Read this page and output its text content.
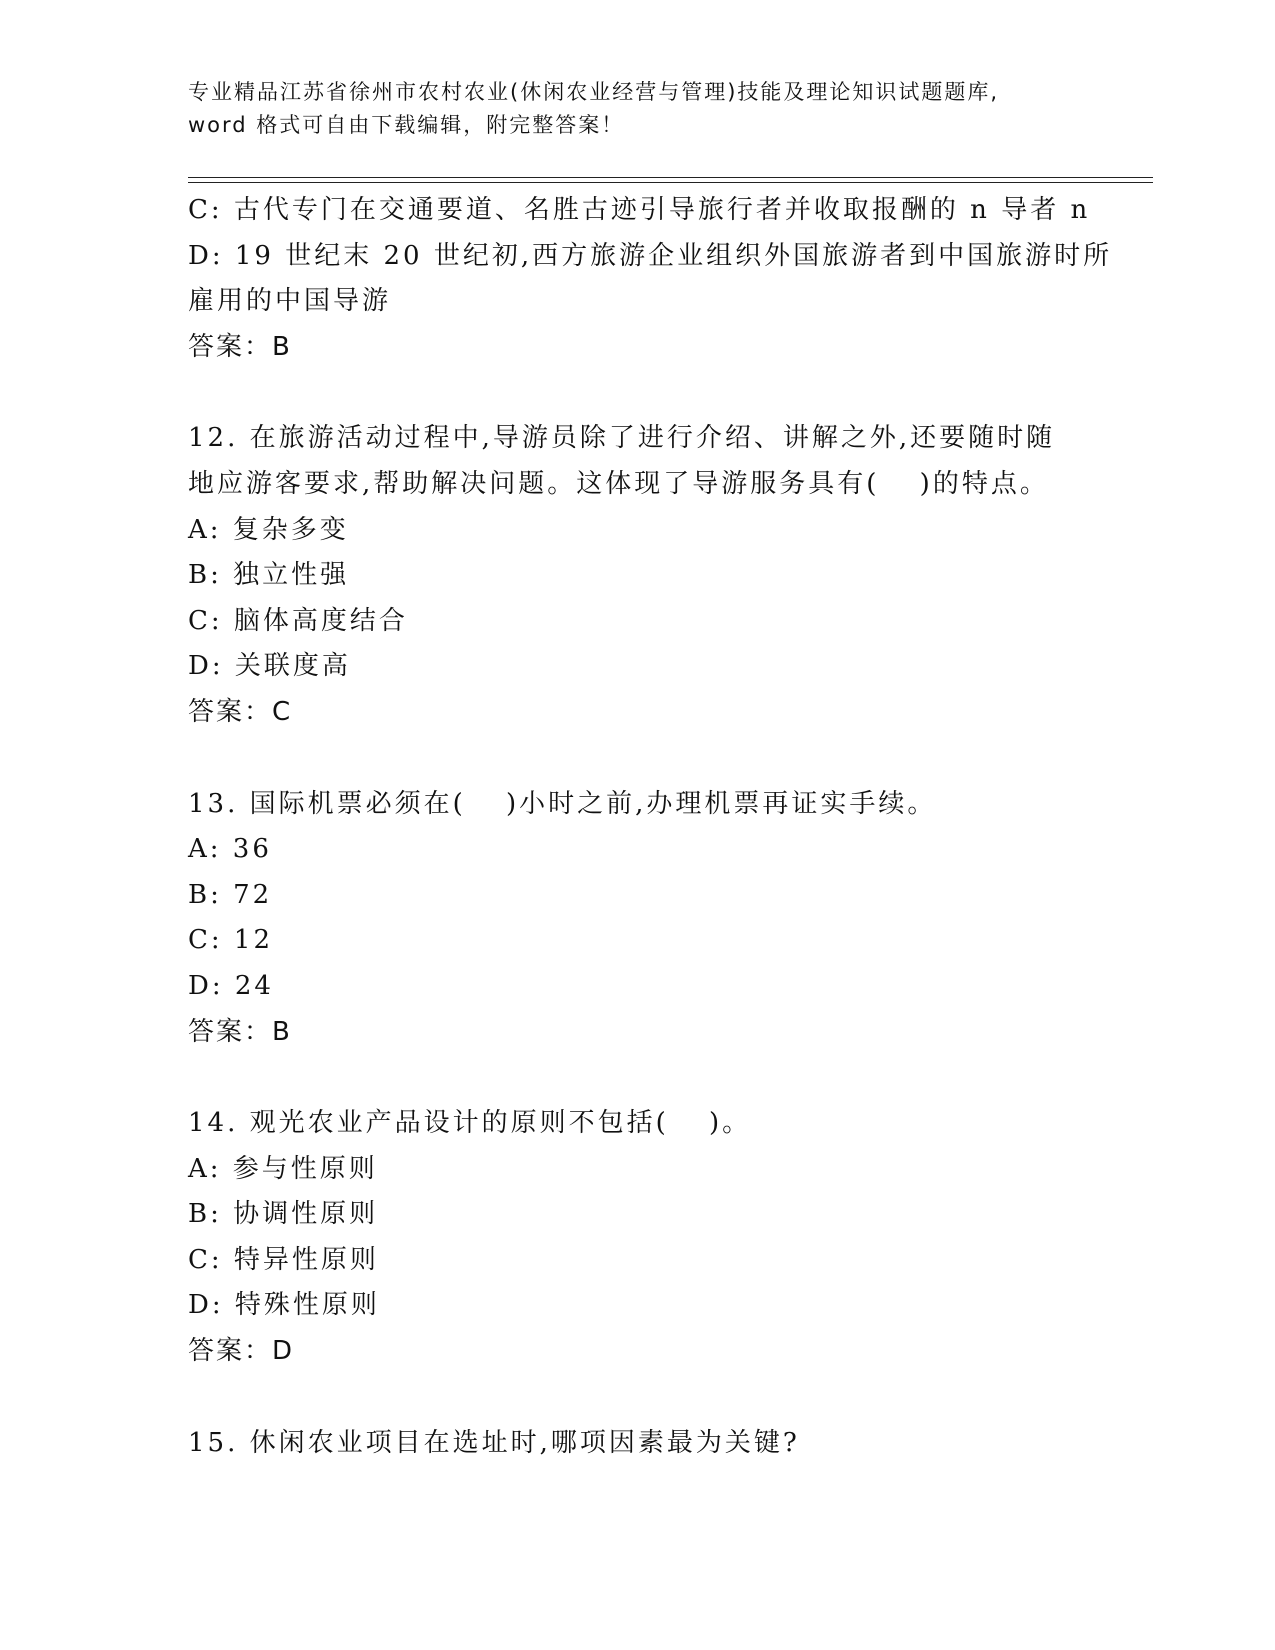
专业精品江苏省徐州市农村农业(休闲农业经营与管理)技能及理论知识试题题库,
word 格式可自由下载编辑，附完整答案！
C: 古代专门在交通要道、名胜古迹引导旅行者并收取报酬的 n 导者 n
D: 19 世纪末 20 世纪初,西方旅游企业组织外国旅游者到中国旅游时所
雇用的中国导游
答案：B
12. 在旅游活动过程中,导游员除了进行介绍、讲解之外,还要随时随
地应游客要求,帮助解决问题。这体现了导游服务具有(　 )的特点。
A: 复杂多变
B: 独立性强
C: 脑体高度结合
D: 关联度高
答案：C
13. 国际机票必须在(　 )小时之前,办理机票再证实手续。
A: 36
B: 72
C: 12
D: 24
答案：B
14. 观光农业产品设计的原则不包括(　 )。
A: 参与性原则
B: 协调性原则
C: 特异性原则
D: 特殊性原则
答案：D
15. 休闲农业项目在选址时,哪项因素最为关键?
